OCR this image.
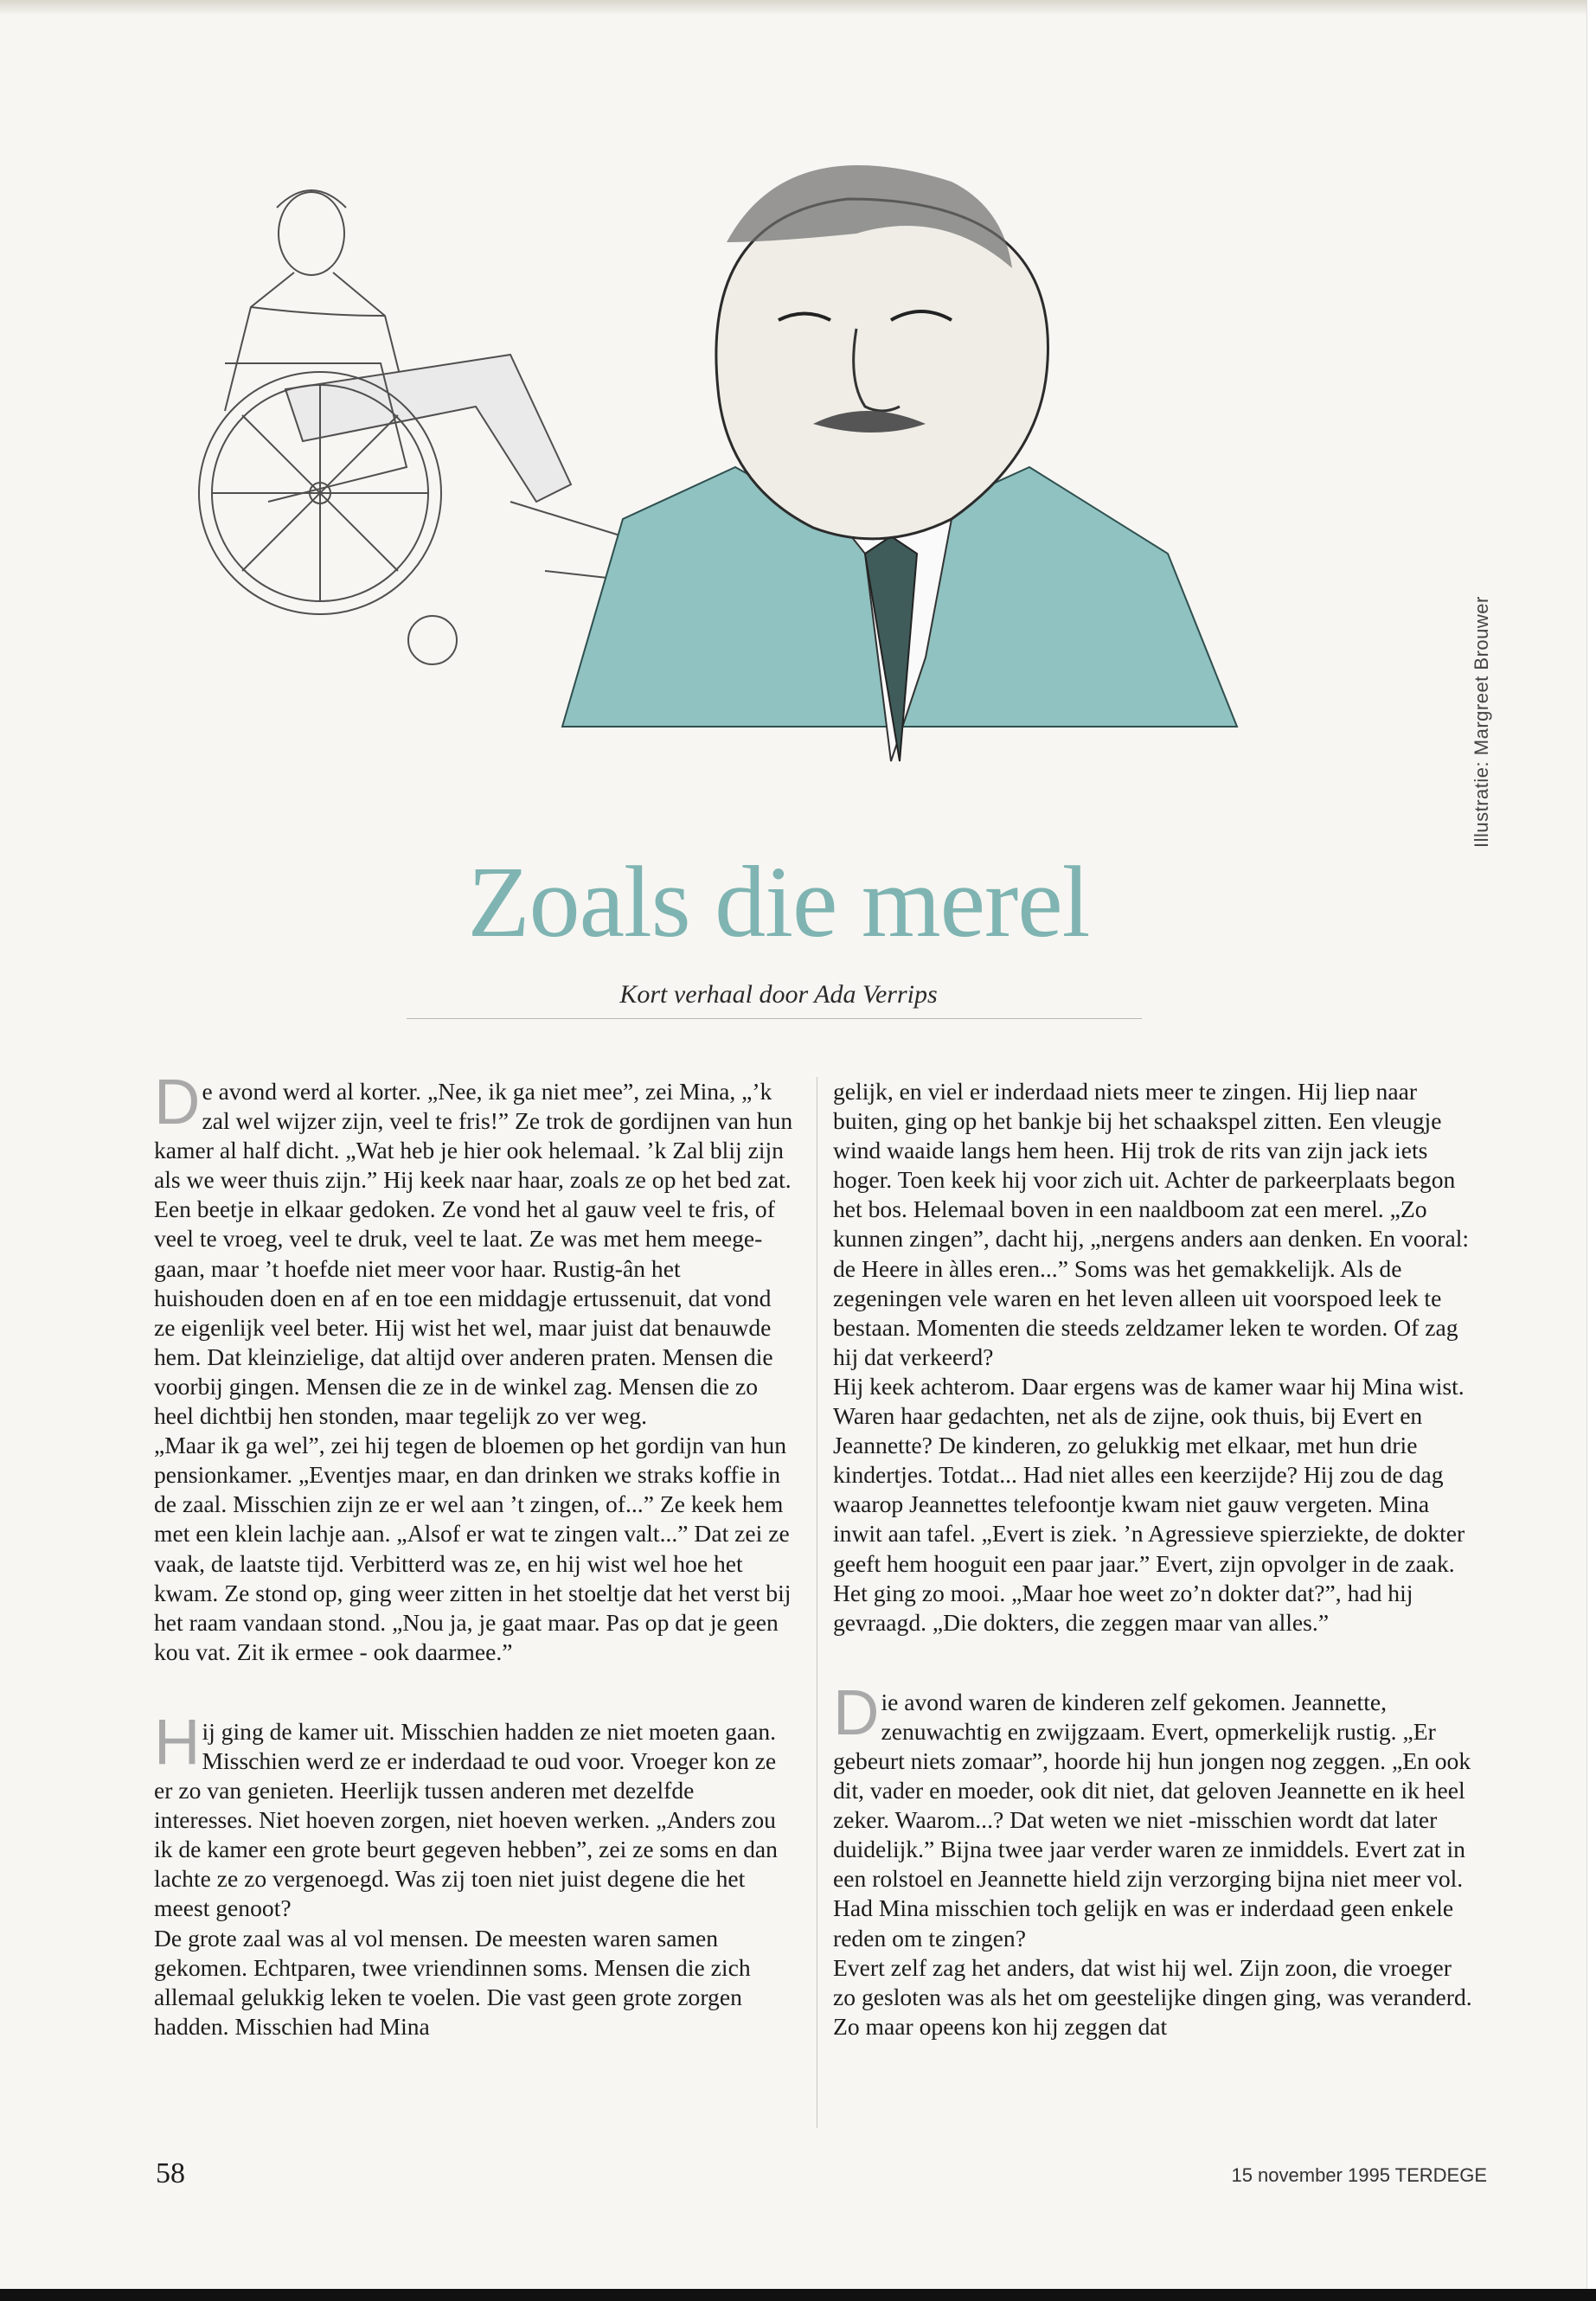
Illustratie: Margreet Brouwer
Zoals die merel
Kort verhaal door Ada Verrips

De avond werd al korter. „Nee, ik ga niet mee”, zei Mina, „’k zal wel wijzer zijn, veel te fris!” Ze trok de gordijnen van hun kamer al half dicht. „Wat heb je hier ook helemaal. ’k Zal blij zijn als we weer thuis zijn.” Hij keek naar haar, zoals ze op het bed zat. Een beetje in elkaar gedoken. Ze vond het al gauw veel te fris, of veel te vroeg, veel te druk, veel te laat. Ze was met hem meegegaan, maar ’t hoefde niet meer voor haar. Rustig-ân het huishouden doen en af en toe een middagje ertussenuit, dat vond ze eigenlijk veel beter. Hij wist het wel, maar juist dat benauwde hem. Dat kleinzielige, dat altijd over anderen praten. Mensen die voorbij gingen. Mensen die ze in de winkel zag. Mensen die zo heel dichtbij hen stonden, maar tegelijk zo ver weg.

„Maar ik ga wel”, zei hij tegen de bloemen op het gordijn van hun pensionkamer. „Eventjes maar, en dan drinken we straks koffie in de zaal. Misschien zijn ze er wel aan ’t zingen, of...” Ze keek hem met een klein lachje aan. „Alsof er wat te zingen valt...” Dat zei ze vaak, de laatste tijd. Verbitterd was ze, en hij wist wel hoe het kwam. Ze stond op, ging weer zitten in het stoeltje dat het verst bij het raam vandaan stond. „Nou ja, je gaat maar. Pas op dat je geen kou vat. Zit ik ermee - ook daarmee.”

Hij ging de kamer uit. Misschien hadden ze niet moeten gaan. Misschien werd ze er inderdaad te oud voor. Vroeger kon ze er zo van genieten. Heerlijk tussen anderen met dezelfde interesses. Niet hoeven zorgen, niet hoeven werken. „Anders zou ik de kamer een grote beurt gegeven hebben”, zei ze soms en dan lachte ze zo vergenoegd. Was zij toen niet juist degene die het meest genoot?

De grote zaal was al vol mensen. De meesten waren samen gekomen. Echtparen, twee vriendinnen soms. Mensen die zich allemaal gelukkig leken te voelen. Die vast geen grote zorgen hadden. Misschien had Mina

gelijk, en viel er inderdaad niets meer te zingen. Hij liep naar buiten, ging op het bankje bij het schaakspel zitten. Een vleugje wind waaide langs hem heen. Hij trok de rits van zijn jack iets hoger. Toen keek hij voor zich uit. Achter de parkeerplaats begon het bos. Helemaal boven in een naaldboom zat een merel. „Zo kunnen zingen”, dacht hij, „nergens anders aan denken. En vooral: de Heere in àlles eren...” Soms was het gemakkelijk. Als de zegeningen vele waren en het leven alleen uit voorspoed leek te bestaan. Momenten die steeds zeldzamer leken te worden. Of zag hij dat verkeerd?

Hij keek achterom. Daar ergens was de kamer waar hij Mina wist. Waren haar gedachten, net als de zijne, ook thuis, bij Evert en Jeannette? De kinderen, zo gelukkig met elkaar, met hun drie kindertjes. Totdat... Had niet alles een keerzijde? Hij zou de dag waarop Jeannettes telefoontje kwam niet gauw vergeten. Mina inwit aan tafel. „Evert is ziek. ’n Agressieve spierziekte, de dokter geeft hem hooguit een paar jaar.” Evert, zijn opvolger in de zaak. Het ging zo mooi. „Maar hoe weet zo’n dokter dat?”, had hij gevraagd. „Die dokters, die zeggen maar van alles.”

Die avond waren de kinderen zelf gekomen. Jeannette, zenuwachtig en zwijgzaam. Evert, opmerkelijk rustig. „Er gebeurt niets zomaar”, hoorde hij hun jongen nog zeggen. „En ook dit, vader en moeder, ook dit niet, dat geloven Jeannette en ik heel zeker. Waarom...? Dat weten we niet -misschien wordt dat later duidelijk.” Bijna twee jaar verder waren ze inmiddels. Evert zat in een rolstoel en Jeannette hield zijn verzorging bijna niet meer vol. Had Mina misschien toch gelijk en was er inderdaad geen enkele reden om te zingen?

Evert zelf zag het anders, dat wist hij wel. Zijn zoon, die vroeger zo gesloten was als het om geestelijke dingen ging, was veranderd. Zo maar opeens kon hij zeggen dat

58	15 november 1995 TERDEGE
